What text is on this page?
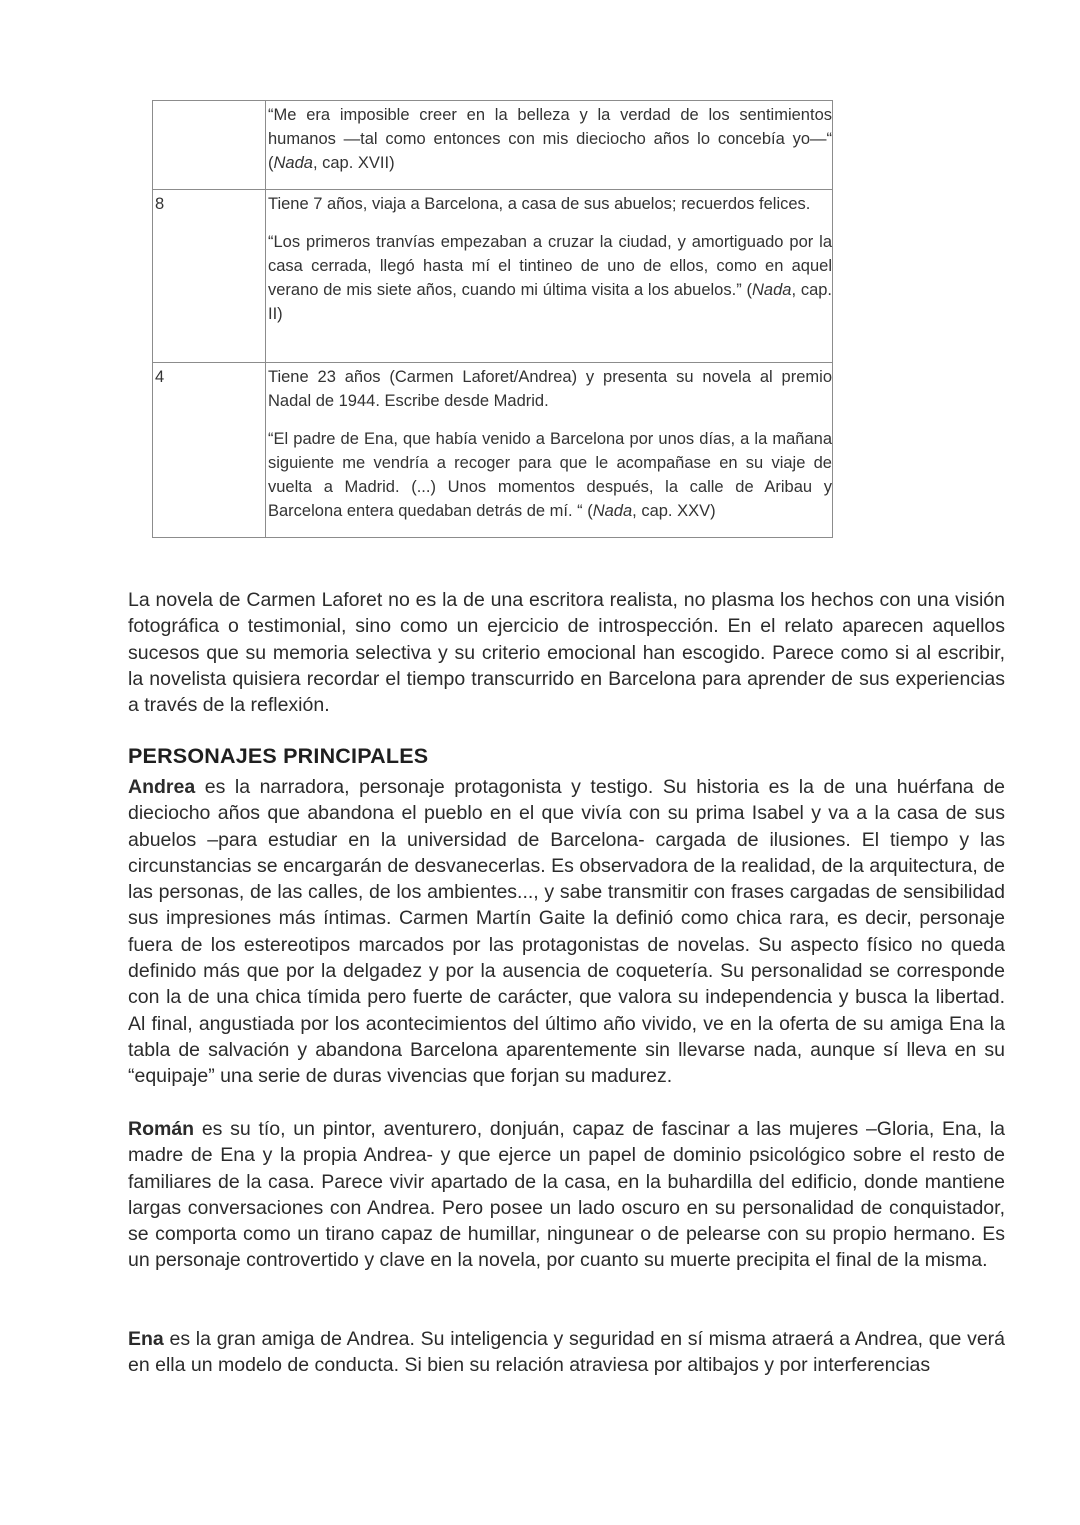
	“Me era imposible creer en la belleza y la verdad de los sentimientos humanos —tal como entonces con mis dieciocho años lo concebía yo—“ (Nada, cap. XVII)

8	Tiene 7 años, viaja a Barcelona, a casa de sus abuelos; recuerdos felices.
“Los primeros tranvías empezaban a cruzar la ciudad, y amortiguado por la casa cerrada, llegó hasta mí el tintineo de uno de ellos, como en aquel verano de mis siete años, cuando mi última visita a los abuelos.” (Nada, cap. II)

4	Tiene 23 años (Carmen Laforet/Andrea) y presenta su novela al premio Nadal de 1944. Escribe desde Madrid.
“El padre de Ena, que había venido a Barcelona por unos días, a la mañana siguiente me vendría a recoger para que le acompañase en su viaje de vuelta a Madrid. (...) Unos momentos después, la calle de Aribau y Barcelona entera quedaban detrás de mí. “ (Nada, cap. XXV)

La novela de Carmen Laforet no es la de una escritora realista, no plasma los hechos con una visión fotográfica o testimonial, sino como un ejercicio de introspección. En el relato aparecen aquellos sucesos que su memoria selectiva y su criterio emocional han escogido. Parece como si al escribir, la novelista quisiera recordar el tiempo transcurrido en Barcelona para aprender de sus experiencias a través de la reflexión.

PERSONAJES PRINCIPALES

Andrea es la narradora, personaje protagonista y testigo. Su historia es la de una huérfana de dieciocho años que abandona el pueblo en el que vivía con su prima Isabel y va a la casa de sus abuelos –para estudiar en la universidad de Barcelona- cargada de ilusiones. El tiempo y las circunstancias se encargarán de desvanecerlas. Es observadora de la realidad, de la arquitectura, de las personas, de las calles, de los ambientes..., y sabe transmitir con frases cargadas de sensibilidad sus impresiones más íntimas. Carmen Martín Gaite la definió como chica rara, es decir, personaje fuera de los estereotipos marcados por las protagonistas de novelas. Su aspecto físico no queda definido más que por la delgadez y por la ausencia de coquetería. Su personalidad se corresponde con la de una chica tímida pero fuerte de carácter, que valora su independencia y busca la libertad. Al final, angustiada por los acontecimientos del último año vivido, ve en la oferta de su amiga Ena la tabla de salvación y abandona Barcelona aparentemente sin llevarse nada, aunque sí lleva en su “equipaje” una serie de duras vivencias que forjan su madurez.

Román es su tío, un pintor, aventurero, donjuán, capaz de fascinar a las mujeres –Gloria, Ena, la madre de Ena y la propia Andrea- y que ejerce un papel de dominio psicológico sobre el resto de familiares de la casa. Parece vivir apartado de la casa, en la buhardilla del edificio, donde mantiene largas conversaciones con Andrea. Pero posee un lado oscuro en su personalidad de conquistador, se comporta como un tirano capaz de humillar, ningunear o de pelearse con su propio hermano. Es un personaje controvertido y clave en la novela, por cuanto su muerte precipita el final de la misma.

Ena es la gran amiga de Andrea. Su inteligencia y seguridad en sí misma atraerá a Andrea, que verá en ella un modelo de conducta. Si bien su relación atraviesa por altibajos y por interferencias
